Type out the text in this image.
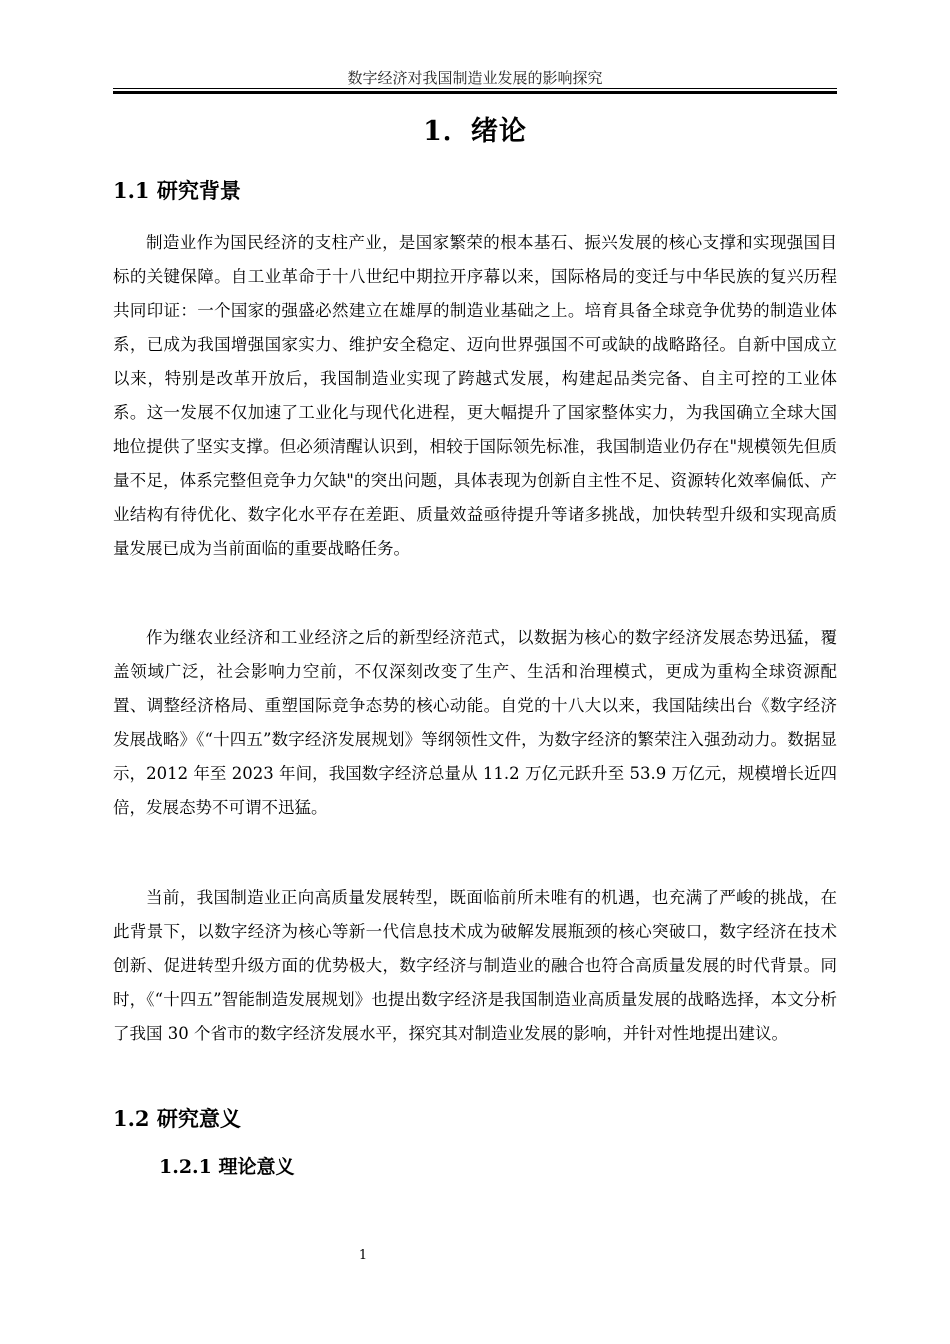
数字经济对我国制造业发展的影响探究
1．绪论
1.1 研究背景

制造业作为国民经济的支柱产业，是国家繁荣的根本基石、振兴发展的核心支撑和实现强国目标的关键保障。自工业革命于十八世纪中期拉开序幕以来，国际格局的变迁与中华民族的复兴历程共同印证：一个国家的强盛必然建立在雄厚的制造业基础之上。培育具备全球竞争优势的制造业体系，已成为我国增强国家实力、维护安全稳定、迈向世界强国不可或缺的战略路径。自新中国成立以来，特别是改革开放后，我国制造业实现了跨越式发展，构建起品类完备、自主可控的工业体系。这一发展不仅加速了工业化与现代化进程，更大幅提升了国家整体实力，为我国确立全球大国地位提供了坚实支撑。但必须清醒认识到，相较于国际领先标准，我国制造业仍存在"规模领先但质量不足，体系完整但竞争力欠缺"的突出问题，具体表现为创新自主性不足、资源转化效率偏低、产业结构有待优化、数字化水平存在差距、质量效益亟待提升等诸多挑战，加快转型升级和实现高质量发展已成为当前面临的重要战略任务。

作为继农业经济和工业经济之后的新型经济范式，以数据为核心的数字经济发展态势迅猛，覆盖领域广泛，社会影响力空前，不仅深刻改变了生产、生活和治理模式，更成为重构全球资源配置、调整经济格局、重塑国际竞争态势的核心动能。自党的十八大以来，我国陆续出台《数字经济发展战略》《“十四五”数字经济发展规划》等纲领性文件，为数字经济的繁荣注入强劲动力。数据显示，2012 年至 2023 年间，我国数字经济总量从 11.2 万亿元跃升至 53.9 万亿元，规模增长近四倍，发展态势不可谓不迅猛。

当前，我国制造业正向高质量发展转型，既面临前所未唯有的机遇，也充满了严峻的挑战，在此背景下，以数字经济为核心等新一代信息技术成为破解发展瓶颈的核心突破口，数字经济在技术创新、促进转型升级方面的优势极大，数字经济与制造业的融合也符合高质量发展的时代背景。同时，《“十四五”智能制造发展规划》也提出数字经济是我国制造业高质量发展的战略选择，本文分析了我国 30 个省市的数字经济发展水平，探究其对制造业发展的影响，并针对性地提出建议。

1.2 研究意义
1.2.1 理论意义
1
